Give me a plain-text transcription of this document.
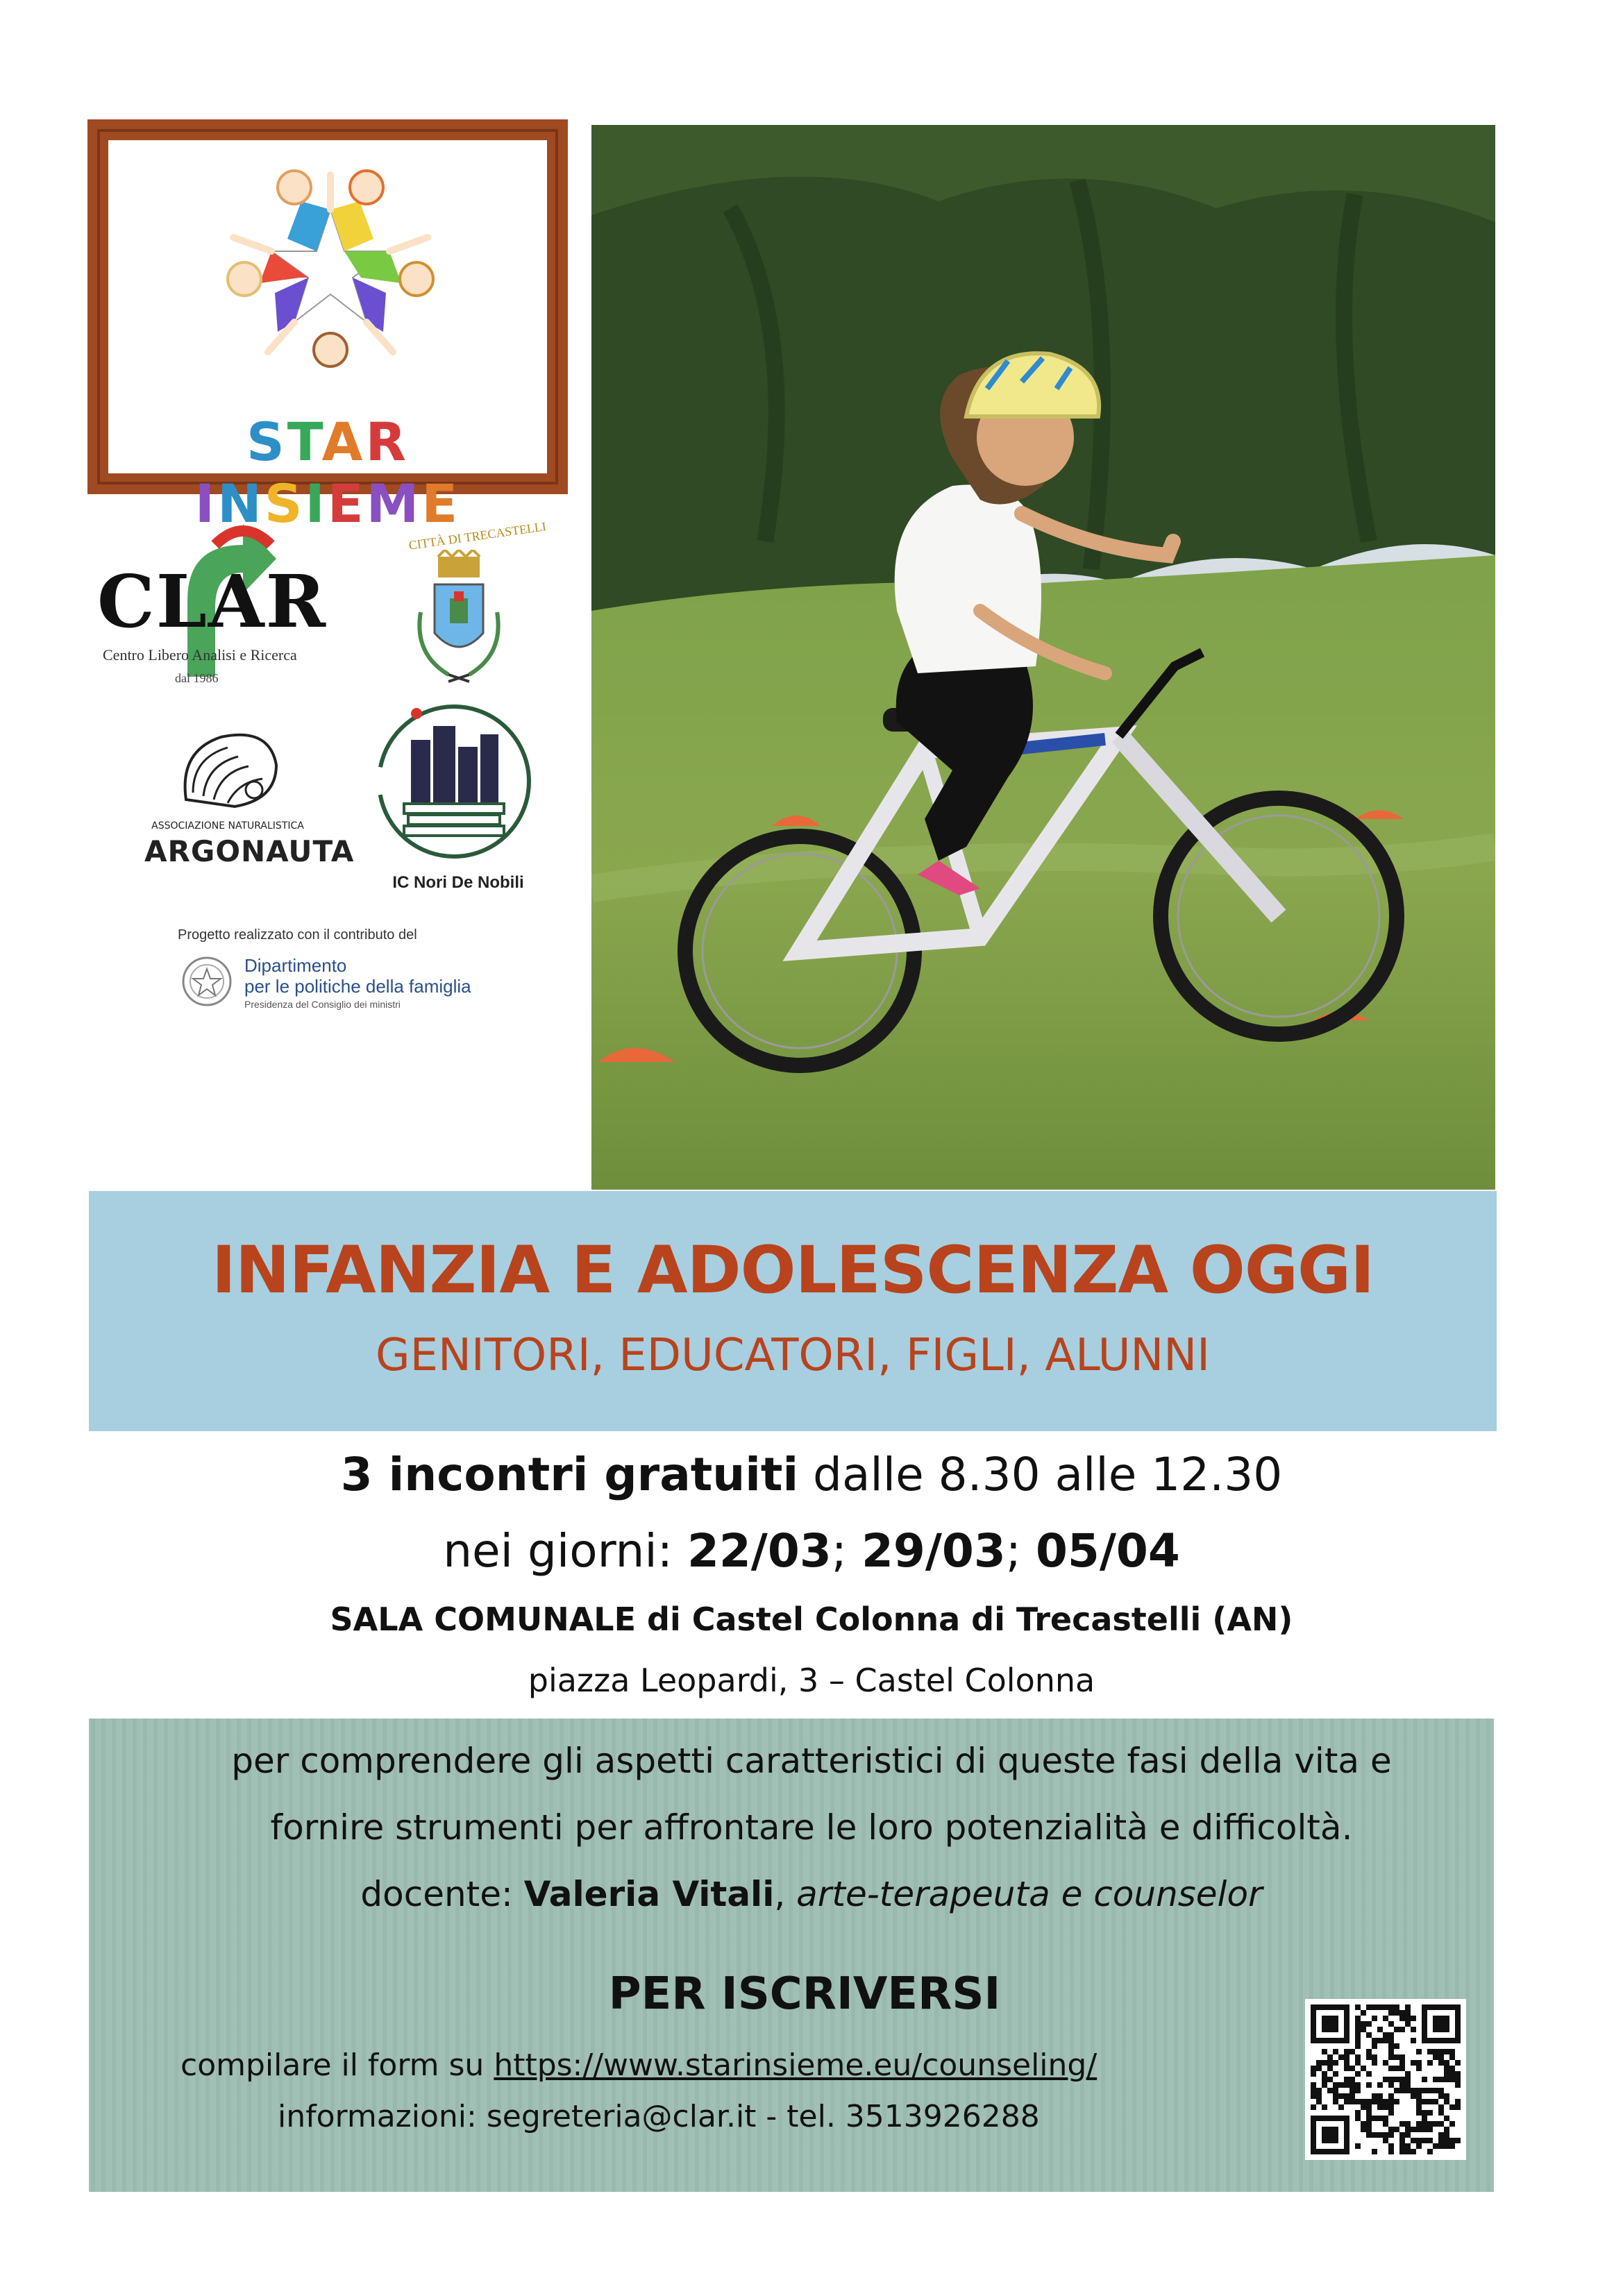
STAR INSIEME
CLAR
Centro Libero Analisi e Ricerca
dal 1986
CITTÀ DI TRECASTELLI
ASSOCIAZIONE NATURALISTICA
ARGONAUTA
IC Nori De Nobili
Progetto realizzato con il contributo del
Dipartimento
per le politiche della famiglia
Presidenza del Consiglio dei ministri
INFANZIA E ADOLESCENZA OGGI
GENITORI, EDUCATORI, FIGLI, ALUNNI
3 incontri gratuiti dalle 8.30 alle 12.30
nei giorni: 22/03; 29/03; 05/04
SALA COMUNALE di Castel Colonna di Trecastelli (AN)
piazza Leopardi, 3 – Castel Colonna
per comprendere gli aspetti caratteristici di queste fasi della vita e
fornire strumenti per affrontare le loro potenzialità e difficoltà.
docente: Valeria Vitali, arte-terapeuta e counselor
PER ISCRIVERSI
compilare il form su https://www.starinsieme.eu/counseling/
informazioni: segreteria@clar.it - tel. 3513926288
